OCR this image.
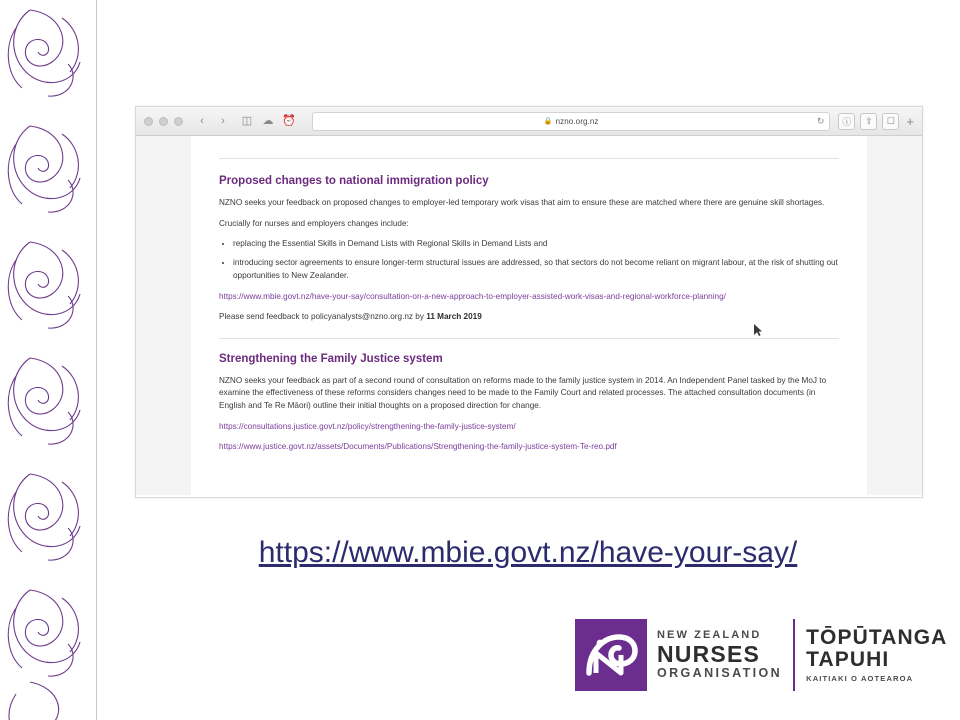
‹	›	◫ ☁ ⏰	🔒 nzno.org.nz	↻	ⓘ	⇧	☐ +
Proposed changes to national immigration policy

NZNO seeks your feedback on proposed changes to employer-led temporary work visas that aim to ensure these are matched where there are genuine skill shortages.

Crucially for nurses and employers changes include:

• replacing the Essential Skills in Demand Lists with Regional Skills in Demand Lists and
• introducing sector agreements to ensure longer-term structural issues are addressed, so that sectors do not become reliant on migrant labour, at the risk of shutting out opportunities to New Zealander.
https://www.mbie.govt.nz/have-your-say/consultation-on-a-new-approach-to-employer-assisted-work-visas-and-regional-workforce-planning/

Please send feedback to policyanalysts@nzno.org.nz by 11 March 2019

Strengthening the Family Justice system

NZNO seeks your feedback as part of a second round of consultation on reforms made to the family justice system in 2014. An Independent Panel tasked by the MoJ to examine the effectiveness of these reforms considers changes need to be made to the Family Court and related processes. The attached consultation documents (in English and Te Re Māori) outline their initial thoughts on a proposed direction for change.

https://consultations.justice.govt.nz/policy/strengthening-the-family-justice-system/
https://www.justice.govt.nz/assets/Documents/Publications/Strengthening-the-family-justice-system-Te-reo.pdf
https://www.mbie.govt.nz/have-your-say/
NEW ZEALAND
NURSES
ORGANISATION
TŌPŪTANGA
TAPUHI
KAITIAKI O AOTEAROA
